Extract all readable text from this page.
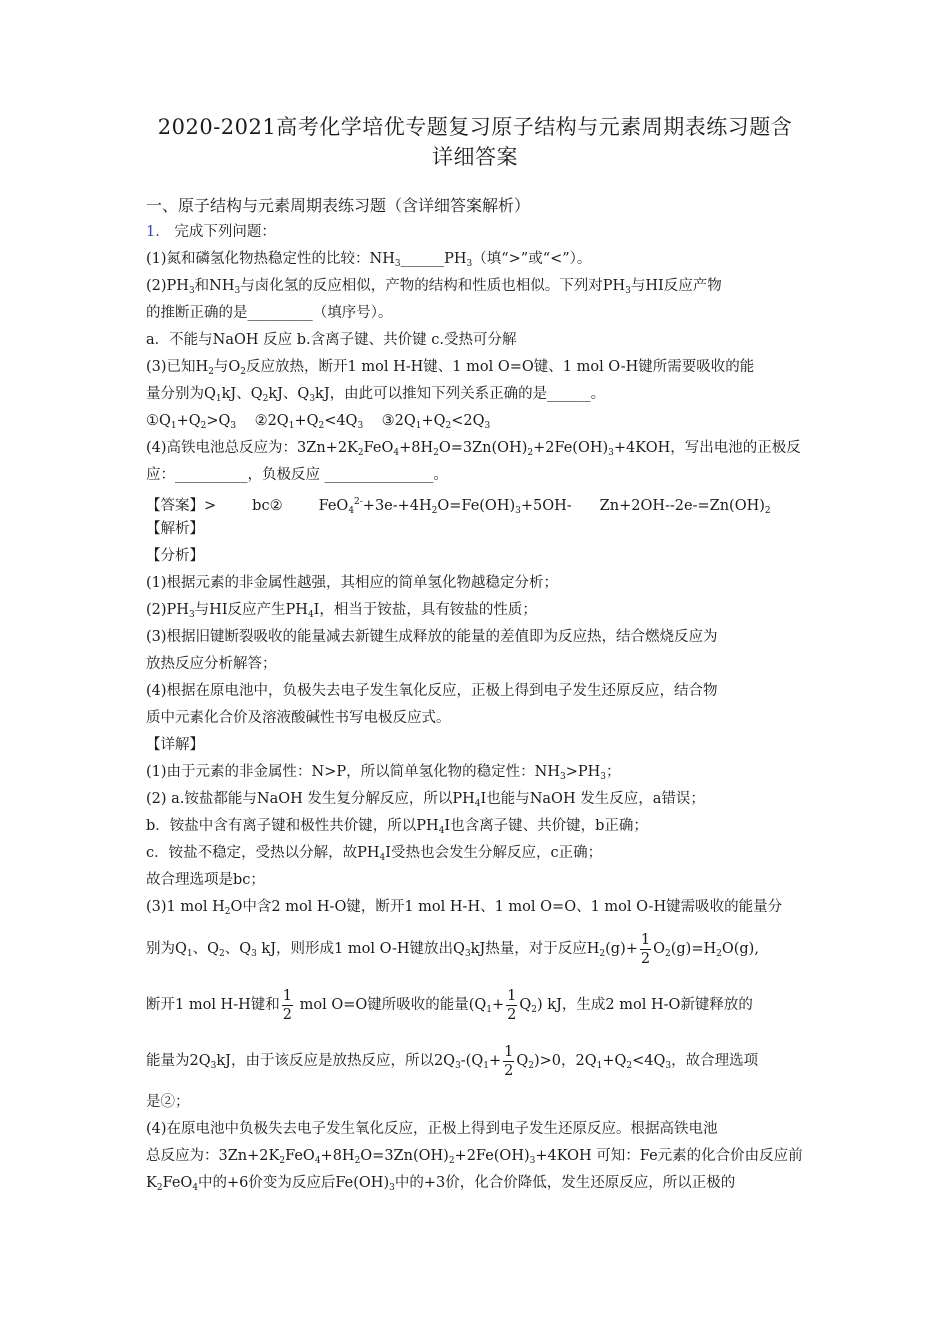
2020-2021高考化学培优专题复习原子结构与元素周期表练习题含
详细答案
一、原子结构与元素周期表练习题（含详细答案解析）
1.  完成下列问题：
(1)氮和磷氢化物热稳定性的比较：$NH_3\_\_\_\_\_\_PH_3$（填“>”或“<”）。
$(2)PH_3$和$NH_3$与卤化氢的反应相似，产物的结构和性质也相似。下列对$PH_3$与HI反应产物
的推断正确的是_________（填序号）。
a．不能与NaOH 反应 b.含离子键、共价键 c.受热可分解
(3)已知$H_2$与$O_2$反应放热，断开1 mol H-H键、1 mol O=O键、1 mol O-H键所需要吸收的能
量分别为$Q_1kJ$、$Q_2kJ$、$Q_3kJ$，由此可以推知下列关系正确的是______。
$①Q_1+Q_2>Q_3$    $②2Q_1+Q_2<4Q_3$    $③2Q_1+Q_2<2Q_3$
(4)高铁电池总反应为：$3Zn+2K_2FeO_4+8H_2O=3Zn(OH)_2+2Fe(OH)_3+4KOH$，写出电池的正极反
应：__________，负极反应 _______________。
【答案】> bc② $FeO_4^{2-}+3e-+4H_2O=Fe(OH)_3+5OH-$ $Zn+2OH--2e-=Zn(OH)_2$
【解析】
【分析】
(1)根据元素的非金属性越强，其相应的简单氢化物越稳定分析；
$(2)PH_3$与HI反应产生$PH_4I$，相当于铵盐，具有铵盐的性质；
(3)根据旧键断裂吸收的能量减去新键生成释放的能量的差值即为反应热，结合燃烧反应为
放热反应分析解答；
(4)根据在原电池中，负极失去电子发生氧化反应，正极上得到电子发生还原反应，结合物
质中元素化合价及溶液酸碱性书写电极反应式。
【详解】
(1)由于元素的非金属性：N>P，所以简单氢化物的稳定性：$NH_3>PH_3$；
(2) a.铵盐都能与NaOH 发生复分解反应，所以$PH_4I$也能与NaOH 发生反应，a错误；
b．铵盐中含有离子键和极性共价键，所以$PH_4I$也含离子键、共价键，b正确；
c．铵盐不稳定，受热以分解，故$PH_4I$受热也会发生分解反应，c正确；
故合理选项是bc；
(3)1 mol $H_2O$中含2 mol H-O键，断开1 mol H-H、1 mol O=O、1 mol O-H键需吸收的能量分
别为$Q_1$、$Q_2$、$Q_3$ kJ，则形成1 mol O-H键放出$Q_3kJ$热量，对于反应$H_2(g)+ \frac{1}{2} O_2(g)=H_2O(g)$,
断开1 mol H-H键和 $\frac{1}{2}$ mol O=O键所吸收的能量$(Q_1+ \frac{1}{2} Q_2)$ kJ，生成2 mol H-O新键释放的
能量为$2Q_3kJ$，由于该反应是放热反应，所以$2Q_3-(Q_1+ \frac{1}{2} Q_2)>0$，$2Q_1+Q_2<4Q_3$，故合理选项
是②；
(4)在原电池中负极失去电子发生氧化反应，正极上得到电子发生还原反应。根据高铁电池
总反应为：$3Zn+2K_2FeO_4+8H_2O=3Zn(OH)_2+2Fe(OH)_3+4KOH$ 可知：Fe元素的化合价由反应前
$K_2FeO_4$中的+6价变为反应后$Fe(OH)_3$中的+3价，化合价降低，发生还原反应，所以正极的
